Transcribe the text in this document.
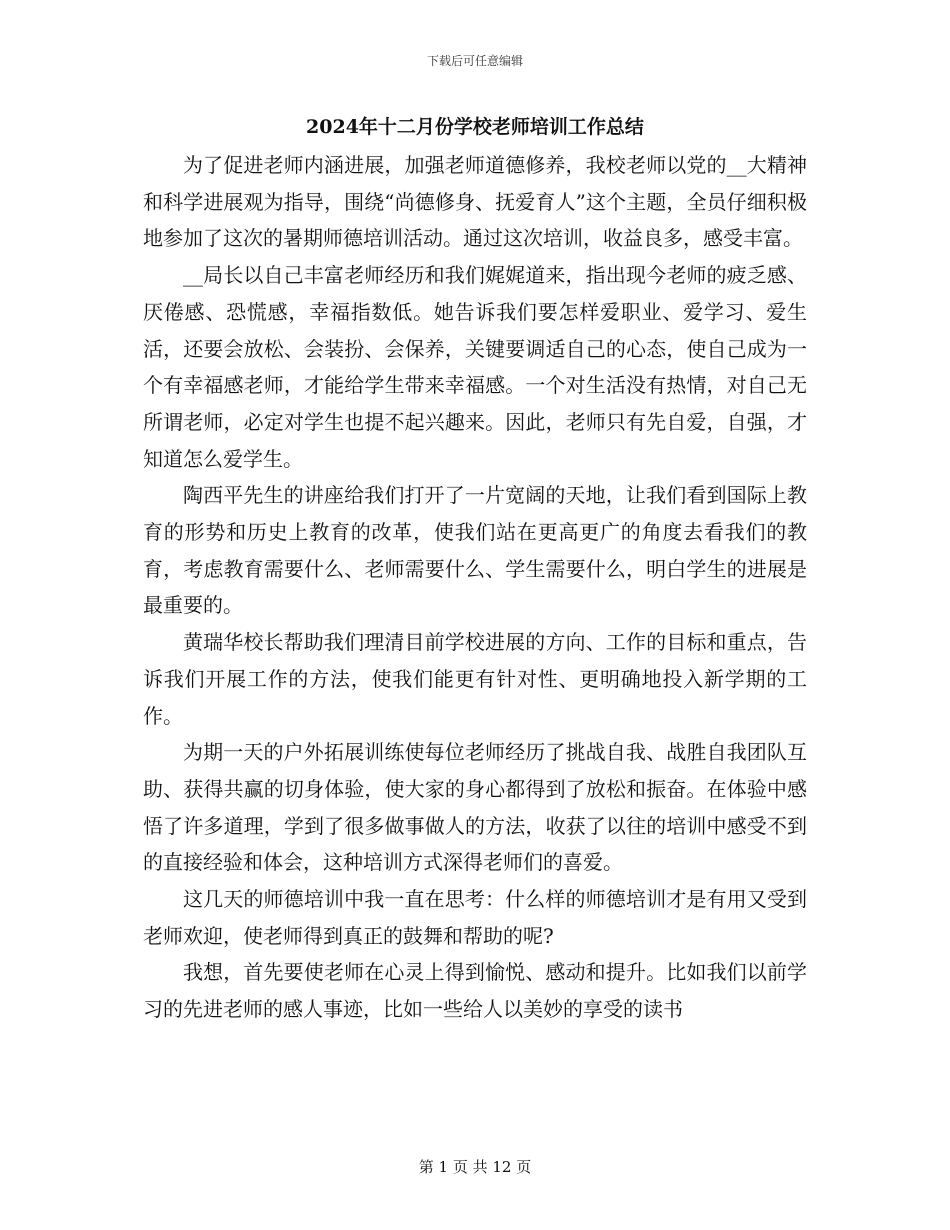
下载后可任意编辑
2024年十二月份学校老师培训工作总结

为了促进老师内涵进展，加强老师道德修养，我校老师以党的__大精神和科学进展观为指导，围绕“尚德修身、抚爱育人”这个主题，全员仔细积极地参加了这次的暑期师德培训活动。通过这次培训，收益良多，感受丰富。

__局长以自己丰富老师经历和我们娓娓道来，指出现今老师的疲乏感、厌倦感、恐慌感，幸福指数低。她告诉我们要怎样爱职业、爱学习、爱生活，还要会放松、会装扮、会保养，关键要调适自己的心态，使自己成为一个有幸福感老师，才能给学生带来幸福感。一个对生活没有热情，对自己无所谓老师，必定对学生也提不起兴趣来。因此，老师只有先自爱，自强，才知道怎么爱学生。

陶西平先生的讲座给我们打开了一片宽阔的天地，让我们看到国际上教育的形势和历史上教育的改革，使我们站在更高更广的角度去看我们的教育，考虑教育需要什么、老师需要什么、学生需要什么，明白学生的进展是最重要的。

黄瑞华校长帮助我们理清目前学校进展的方向、工作的目标和重点，告诉我们开展工作的方法，使我们能更有针对性、更明确地投入新学期的工作。

为期一天的户外拓展训练使每位老师经历了挑战自我、战胜自我团队互助、获得共赢的切身体验，使大家的身心都得到了放松和振奋。在体验中感悟了许多道理，学到了很多做事做人的方法，收获了以往的培训中感受不到的直接经验和体会，这种培训方式深得老师们的喜爱。

这几天的师德培训中我一直在思考：什么样的师德培训才是有用又受到老师欢迎，使老师得到真正的鼓舞和帮助的呢?

我想，首先要使老师在心灵上得到愉悦、感动和提升。比如我们以前学习的先进老师的感人事迹，比如一些给人以美妙的享受的读书

第 1 页 共 12 页
